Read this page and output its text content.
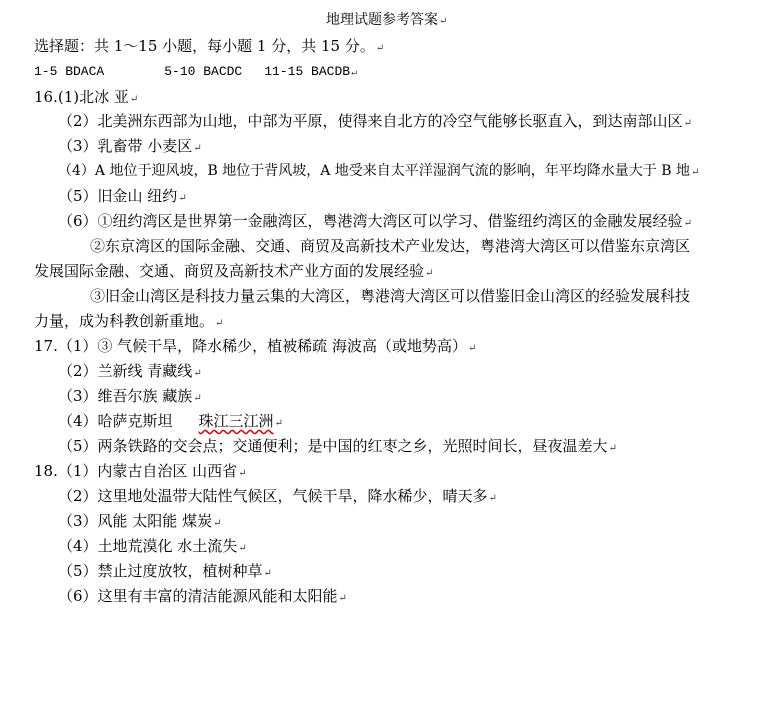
地理试题参考答案↵
选择题：共 1～15 小题，每小题 1 分，共 15 分。↵
1-5 BDACA	5-10 BACDC 11-15 BACDB↵
16.(1)北冰 亚↵
（2）北美洲东西部为山地，中部为平原，使得来自北方的冷空气能够长驱直入，到达南部山区↵
（3）乳畜带 小麦区↵
（4）A 地位于迎风坡，B 地位于背风坡，A 地受来自太平洋湿润气流的影响，年平均降水量大于 B 地↵
（5）旧金山 纽约↵
（6）①纽约湾区是世界第一金融湾区，粤港湾大湾区可以学习、借鉴纽约湾区的金融发展经验↵
②东京湾区的国际金融、交通、商贸及高新技术产业发达，粤港湾大湾区可以借鉴东京湾区
发展国际金融、交通、商贸及高新技术产业方面的发展经验↵
③旧金山湾区是科技力量云集的大湾区，粤港湾大湾区可以借鉴旧金山湾区的经验发展科技
力量，成为科教创新重地。↵
17.（1）③ 气候干旱，降水稀少，植被稀疏 海波高（或地势高）↵
（2）兰新线 青藏线↵
（3）维吾尔族 藏族↵
（4）哈萨克斯坦 珠江三江洲↵
（5）两条铁路的交会点；交通便利；是中国的红枣之乡，光照时间长，昼夜温差大↵
18.（1）内蒙古自治区 山西省↵
（2）这里地处温带大陆性气候区，气候干旱，降水稀少，晴天多↵
（3）风能 太阳能 煤炭↵
（4）土地荒漠化 水土流失↵
（5）禁止过度放牧，植树种草↵
（6）这里有丰富的清洁能源风能和太阳能↵
